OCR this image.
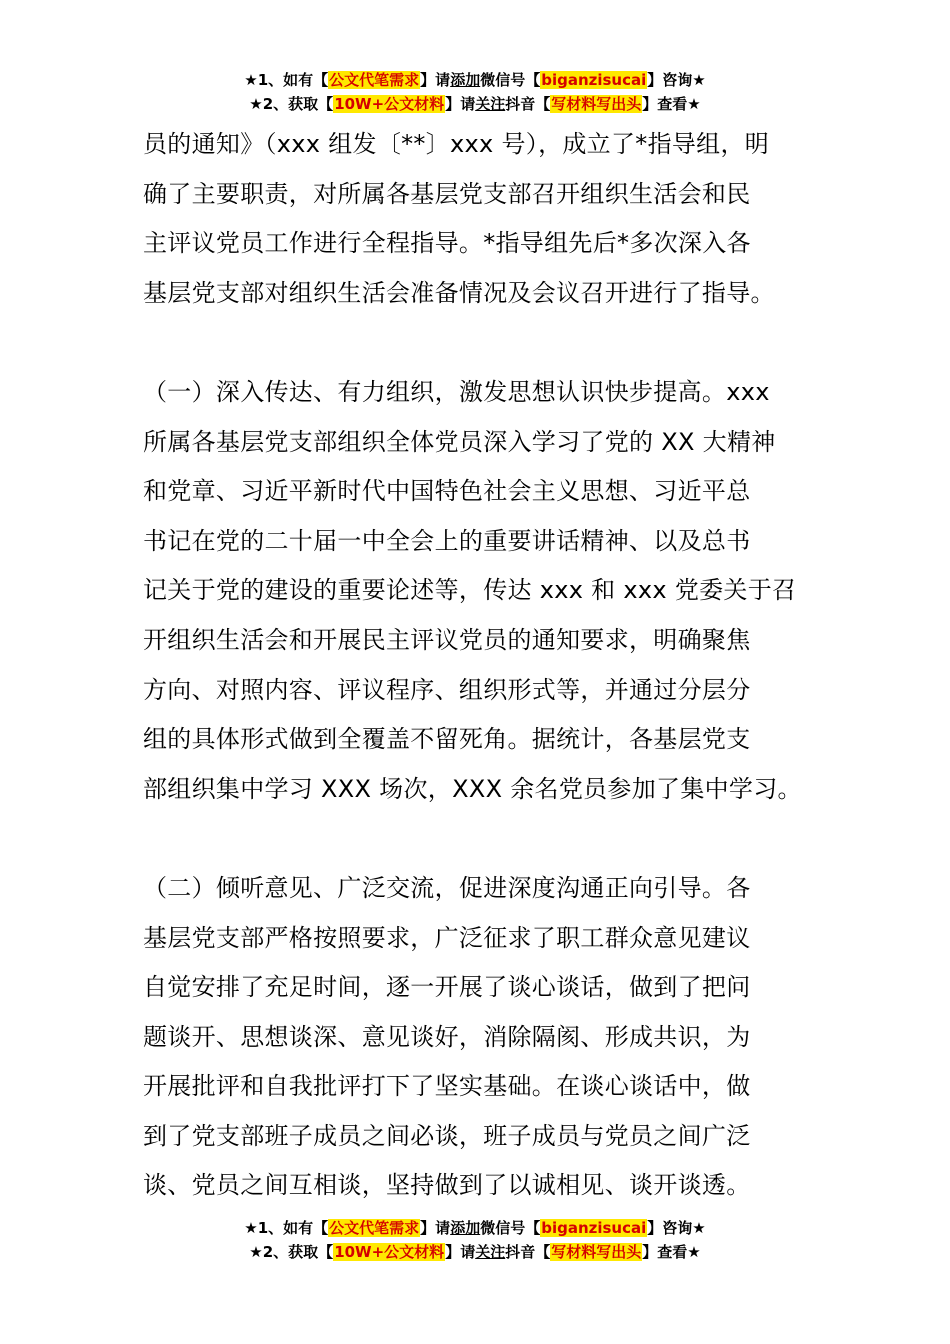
★1、如有【公文代笔需求】请添加微信号【biganzisucai】咨询★
★2、获取【10W+公文材料】请关注抖音【写材料写出头】查看★
员的通知》（xxx 组发〔**〕xxx 号），成立了*指导组，明
确了主要职责，对所属各基层党支部召开组织生活会和民
主评议党员工作进行全程指导。*指导组先后*多次深入各
基层党支部对组织生活会准备情况及会议召开进行了指导。
（一）深入传达、有力组织，激发思想认识快步提高。xxx
所属各基层党支部组织全体党员深入学习了党的 XX 大精神
和党章、习近平新时代中国特色社会主义思想、习近平总
书记在党的二十届一中全会上的重要讲话精神、以及总书
记关于党的建设的重要论述等，传达 xxx 和 xxx 党委关于召
开组织生活会和开展民主评议党员的通知要求，明确聚焦
方向、对照内容、评议程序、组织形式等，并通过分层分
组的具体形式做到全覆盖不留死角。据统计，各基层党支
部组织集中学习 XXX 场次，XXX 余名党员参加了集中学习。
（二）倾听意见、广泛交流，促进深度沟通正向引导。各
基层党支部严格按照要求，广泛征求了职工群众意见建议
自觉安排了充足时间，逐一开展了谈心谈话，做到了把问
题谈开、思想谈深、意见谈好，消除隔阂、形成共识，为
开展批评和自我批评打下了坚实基础。在谈心谈话中，做
到了党支部班子成员之间必谈，班子成员与党员之间广泛
谈、党员之间互相谈，坚持做到了以诚相见、谈开谈透。
★1、如有【公文代笔需求】请添加微信号【biganzisucai】咨询★
★2、获取【10W+公文材料】请关注抖音【写材料写出头】查看★
